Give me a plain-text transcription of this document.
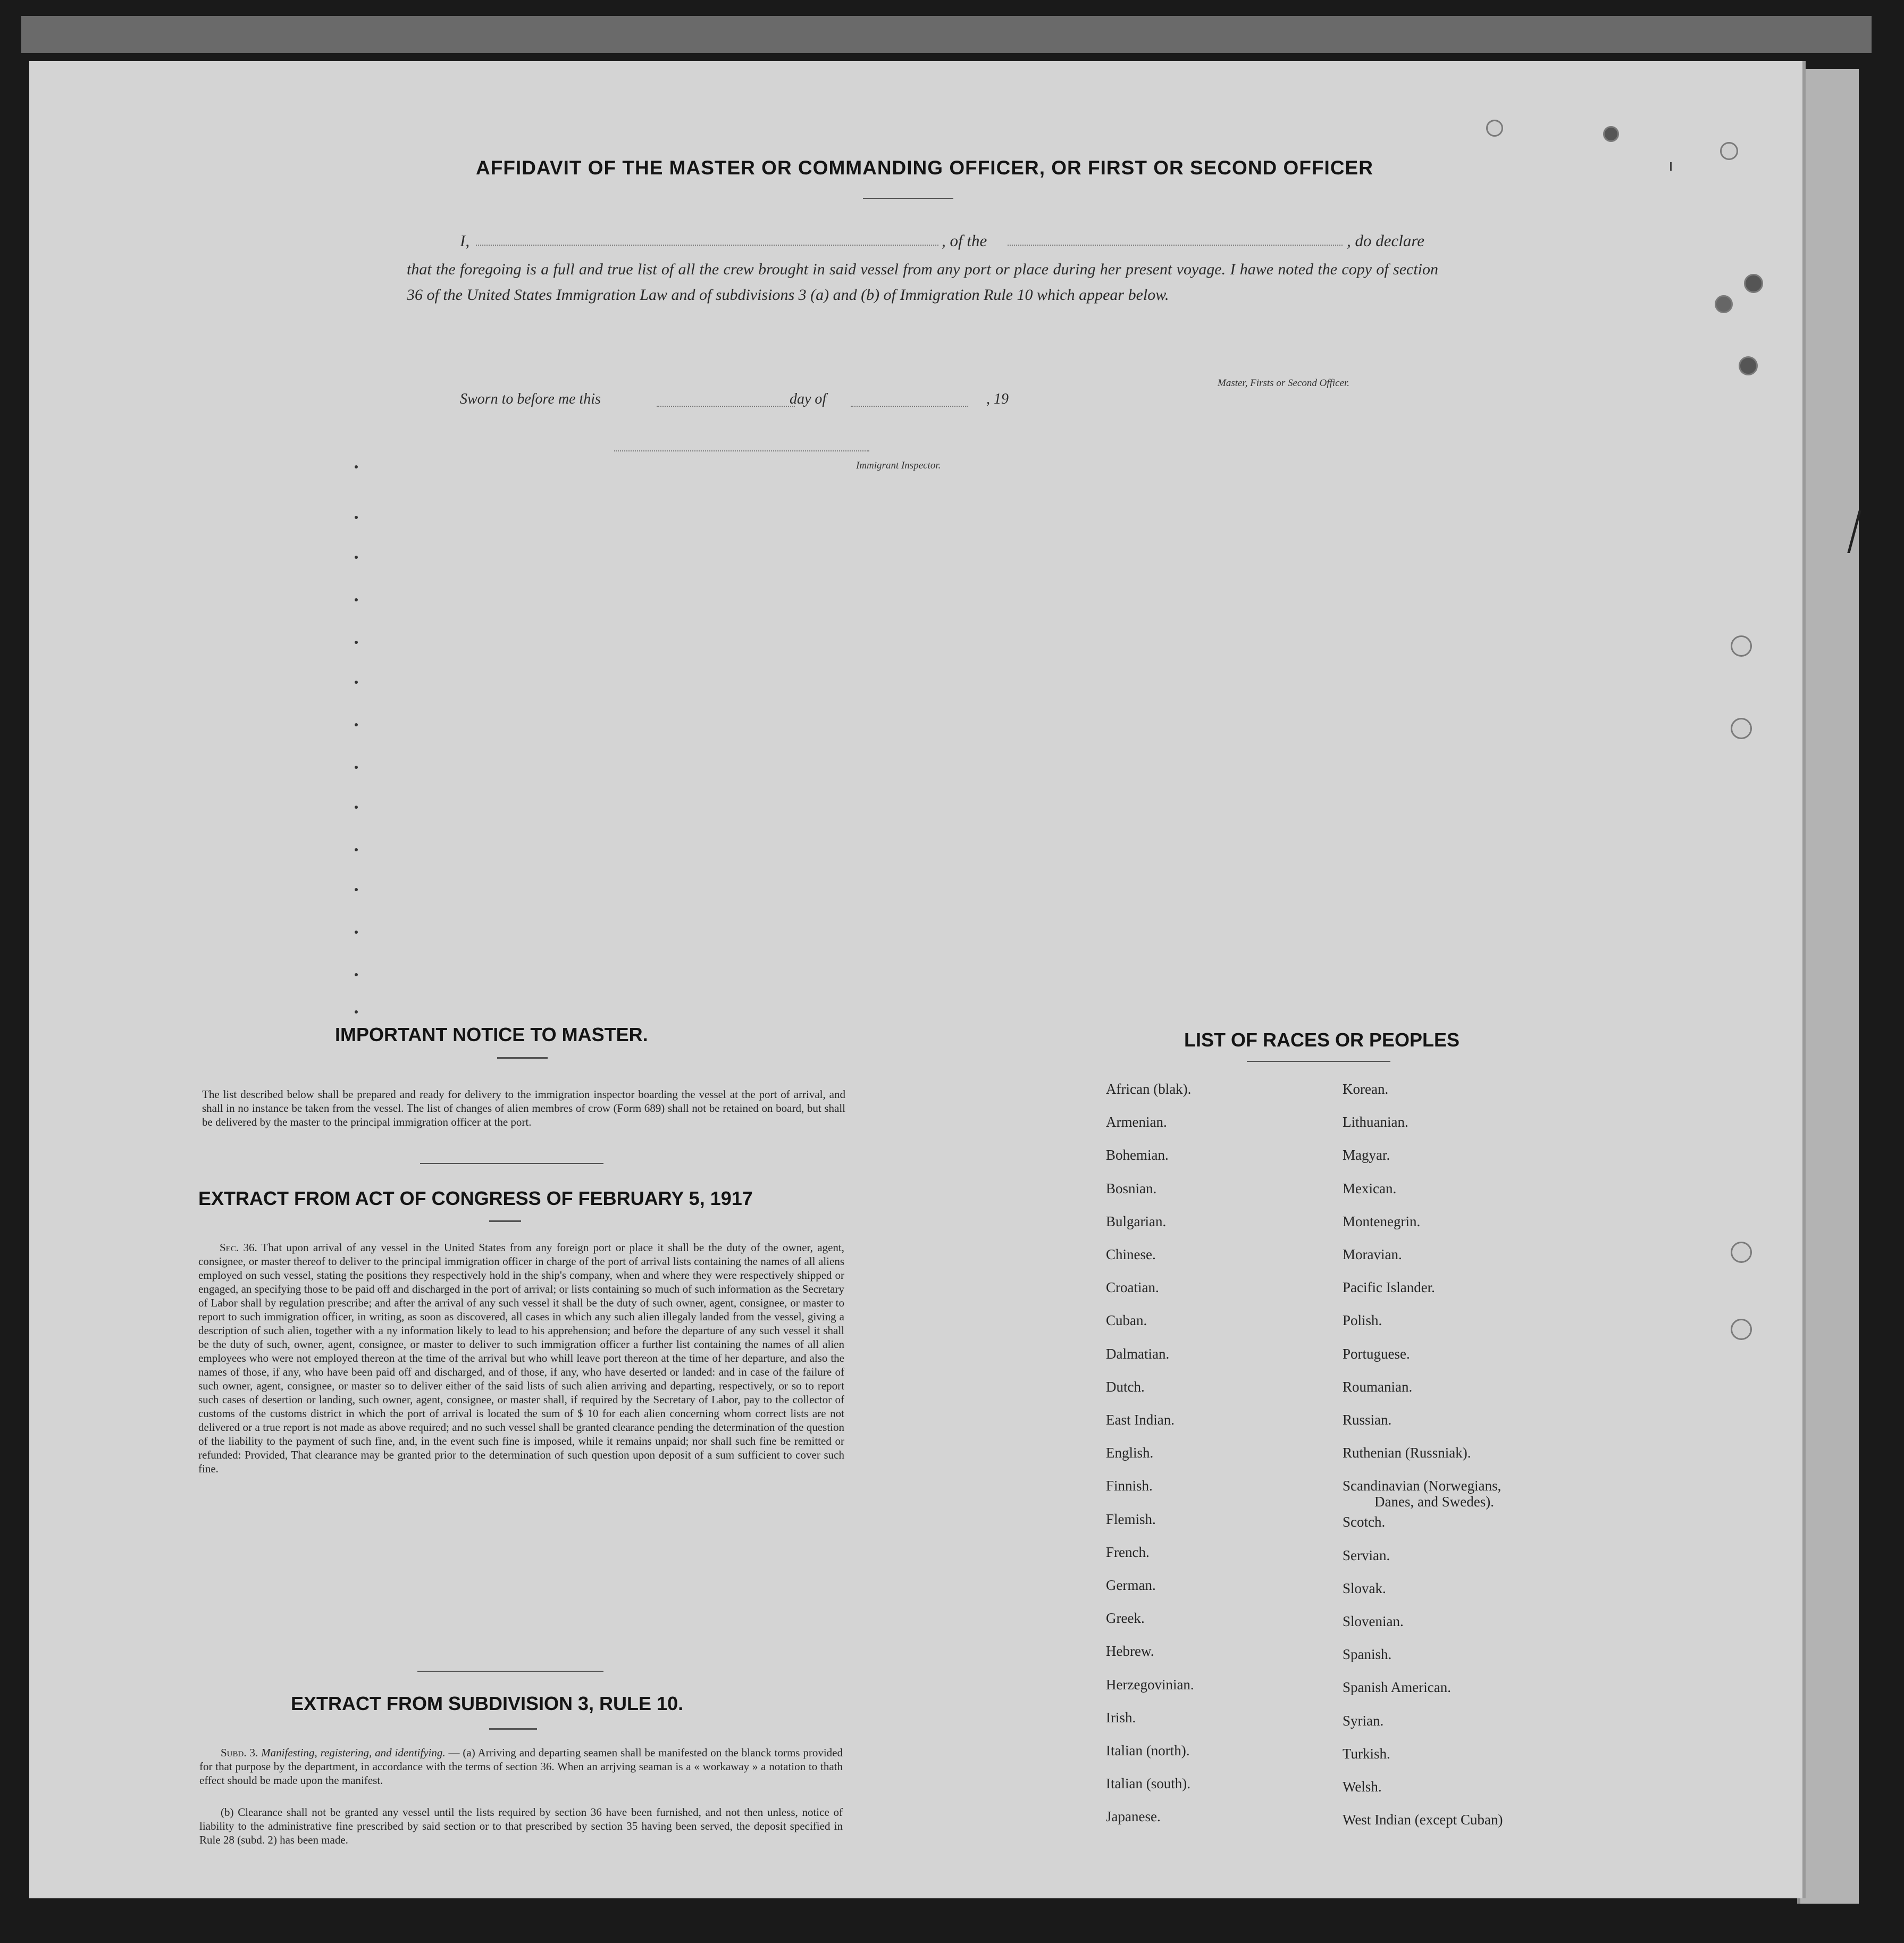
AFFIDAVIT OF THE MASTER OR COMMANDING OFFICER, OR FIRST OR SECOND OFFICER
I,	, of the	, do declare
that the foregoing is a full and true list of all the crew brought in said vessel from any port or place during her present voyage. I hawe noted the copy of section 36 of the United States Immigration Law and of subdivisions 3 (a) and (b) of Immigration Rule 10 which appear below.
Master, Firsts or Second Officer.
Sworn to before me this	day of	, 19
Immigrant Inspector.
IMPORTANT NOTICE TO MASTER.
The list described below shall be prepared and ready for delivery to the immigration inspector boarding the vessel at the port of arrival, and shall in no instance be taken from the vessel. The list of changes of alien membres of crow (Form 689) shall not be retained on board, but shall be delivered by the master to the principal immigration officer at the port.
EXTRACT FROM ACT OF CONGRESS OF FEBRUARY 5, 1917
Sec. 36. That upon arrival of any vessel in the United States from any foreign port or place it shall be the duty of the owner, agent, consignee, or master thereof to deliver to the principal immigration officer in charge of the port of arrival lists containing the names of all aliens employed on such vessel, stating the positions they respectively hold in the ship's company, when and where they were respectively shipped or engaged, an specifying those to be paid off and discharged in the port of arrival; or lists containing so much of such information as the Secretary of Labor shall by regulation prescribe; and after the arrival of any such vessel it shall be the duty of such owner, agent, consignee, or master to report to such immigration officer, in writing, as soon as discovered, all cases in which any such alien illegaly landed from the vessel, giving a description of such alien, together with a ny information likely to lead to his apprehension; and before the departure of any such vessel it shall be the duty of such, owner, agent, consignee, or master to deliver to such immigration officer a further list containing the names of all alien employees who were not employed thereon at the time of the arrival but who whill leave port thereon at the time of her departure, and also the names of those, if any, who have been paid off and discharged, and of those, if any, who have deserted or landed: and in case of the failure of such owner, agent, consignee, or master so to deliver either of the said lists of such alien arriving and departing, respectively, or so to report such cases of desertion or landing, such owner, agent, consignee, or master shall, if required by the Secretary of Labor, pay to the collector of customs of the customs district in which the port of arrival is located the sum of $ 10 for each alien concerning whom correct lists are not delivered or a true report is not made as above required; and no such vessel shall be granted clearance pending the determination of the question of the liability to the payment of such fine, and, in the event such fine is imposed, while it remains unpaid; nor shall such fine be remitted or refunded: Provided, That clearance may be granted prior to the determination of such question upon deposit of a sum sufficient to cover such fine.
EXTRACT FROM SUBDIVISION 3, RULE 10.
Subd. 3. Manifesting, registering, and identifying. — (a) Arriving and departing seamen shall be manifested on the blanck torms provided for that purpose by the department, in accordance with the terms of section 36. When an arrjving seaman is a « workaway » a notation to thath effect should be made upon the manifest.
(b) Clearance shall not be granted any vessel until the lists required by section 36 have been furnished, and not then unless, notice of liability to the administrative fine prescribed by said section or to that prescribed by section 35 having been served, the deposit specified in Rule 28 (subd. 2) has been made.
LIST OF RACES OR PEOPLES
African (blak).
Armenian.
Bohemian.
Bosnian.
Bulgarian.
Chinese.
Croatian.
Cuban.
Dalmatian.
Dutch.
East Indian.
English.
Finnish.
Flemish.
French.
German.
Greek.
Hebrew.
Herzegovinian.
Irish.
Italian (north).
Italian (south).
Japanese.
Korean.
Lithuanian.
Magyar.
Mexican.
Montenegrin.
Moravian.
Pacific Islander.
Polish.
Portuguese.
Roumanian.
Russian.
Ruthenian (Russniak).
Scandinavian (Norwegians,
Danes, and Swedes).
Scotch.
Servian.
Slovak.
Slovenian.
Spanish.
Spanish American.
Syrian.
Turkish.
Welsh.
West Indian (except Cuban)
